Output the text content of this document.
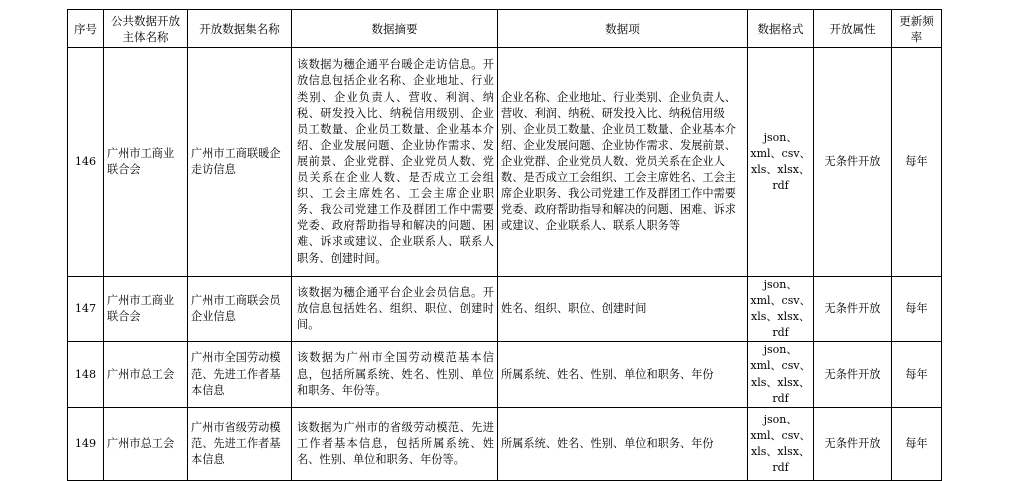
序号	公共数据开放主体名称	开放数据集名称	数据摘要	数据项	数据格式	开放属性	更新频率
146	广州市工商业联合会	广州市工商联暖企走访信息	该数据为穗企通平台暖企走访信息。开放信息包括企业名称、企业地址、行业类别、企业负责人、营收、利润、纳税、研发投入比、纳税信用级别、企业员工数量、企业员工数量、企业基本介绍、企业发展问题、企业协作需求、发展前景、企业党群、企业党员人数、党员关系在企业人数、是否成立工会组织、工会主席姓名、工会主席企业职务、我公司党建工作及群团工作中需要党委、政府帮助指导和解决的问题、困难、诉求或建议、企业联系人、联系人职务、创建时间。	企业名称、企业地址、行业类别、企业负责人、营收、利润、纳税、研发投入比、纳税信用级别、企业员工数量、企业员工数量、企业基本介绍、企业发展问题、企业协作需求、发展前景、企业党群、企业党员人数、党员关系在企业人数、是否成立工会组织、工会主席姓名、工会主席企业职务、我公司党建工作及群团工作中需要党委、政府帮助指导和解决的问题、困难、诉求或建议、企业联系人、联系人职务等	json、xml、csv、xls、xlsx、rdf	无条件开放	每年
147	广州市工商业联合会	广州市工商联会员企业信息	该数据为穗企通平台企业会员信息。开放信息包括姓名、组织、职位、创建时间。	姓名、组织、职位、创建时间	json、xml、csv、xls、xlsx、rdf	无条件开放	每年
148	广州市总工会	广州市全国劳动模范、先进工作者基本信息	该数据为广州市全国劳动模范基本信息，包括所属系统、姓名、性别、单位和职务、年份等。	所属系统、姓名、性别、单位和职务、年份	json、xml、csv、xls、xlsx、rdf	无条件开放	每年
149	广州市总工会	广州市省级劳动模范、先进工作者基本信息	该数据为广州市的省级劳动模范、先进工作者基本信息，包括所属系统、姓名、性别、单位和职务、年份等。	所属系统、姓名、性别、单位和职务、年份	json、xml、csv、xls、xlsx、rdf	无条件开放	每年
